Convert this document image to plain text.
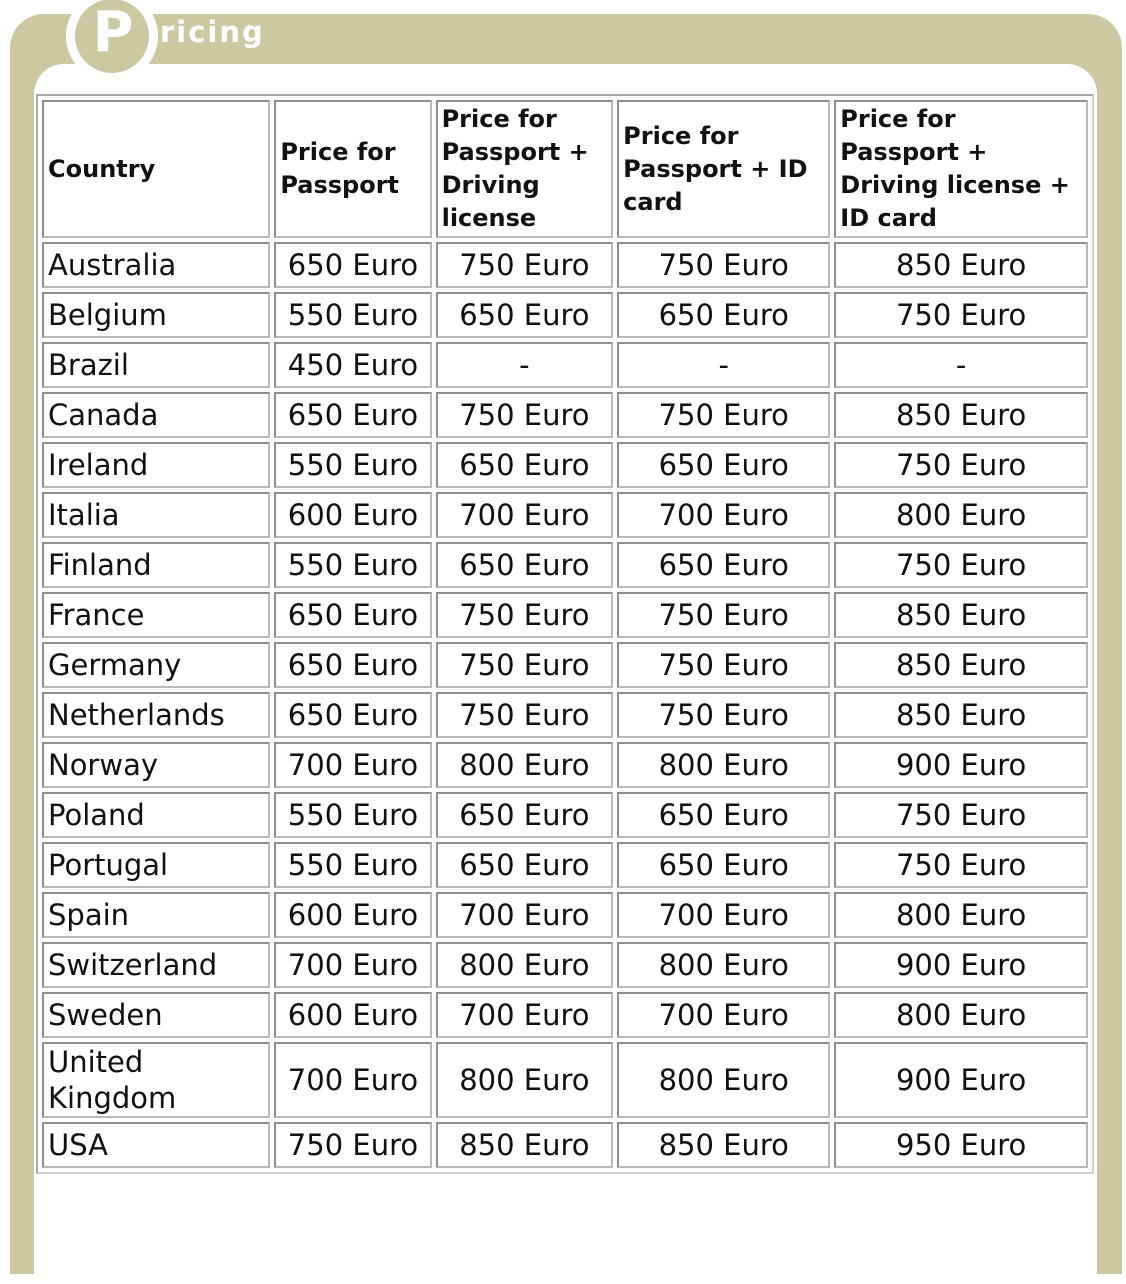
P ricing
Country	Price for Passport	Price for Passport + Driving license	Price for Passport + ID card	Price for Passport + Driving license + ID card
Australia	650 Euro	750 Euro	750 Euro	850 Euro
Belgium	550 Euro	650 Euro	650 Euro	750 Euro
Brazil	450 Euro	-	-	-
Canada	650 Euro	750 Euro	750 Euro	850 Euro
Ireland	550 Euro	650 Euro	650 Euro	750 Euro
Italia	600 Euro	700 Euro	700 Euro	800 Euro
Finland	550 Euro	650 Euro	650 Euro	750 Euro
France	650 Euro	750 Euro	750 Euro	850 Euro
Germany	650 Euro	750 Euro	750 Euro	850 Euro
Netherlands	650 Euro	750 Euro	750 Euro	850 Euro
Norway	700 Euro	800 Euro	800 Euro	900 Euro
Poland	550 Euro	650 Euro	650 Euro	750 Euro
Portugal	550 Euro	650 Euro	650 Euro	750 Euro
Spain	600 Euro	700 Euro	700 Euro	800 Euro
Switzerland	700 Euro	800 Euro	800 Euro	900 Euro
Sweden	600 Euro	700 Euro	700 Euro	800 Euro
United Kingdom	700 Euro	800 Euro	800 Euro	900 Euro
USA	750 Euro	850 Euro	850 Euro	950 Euro
